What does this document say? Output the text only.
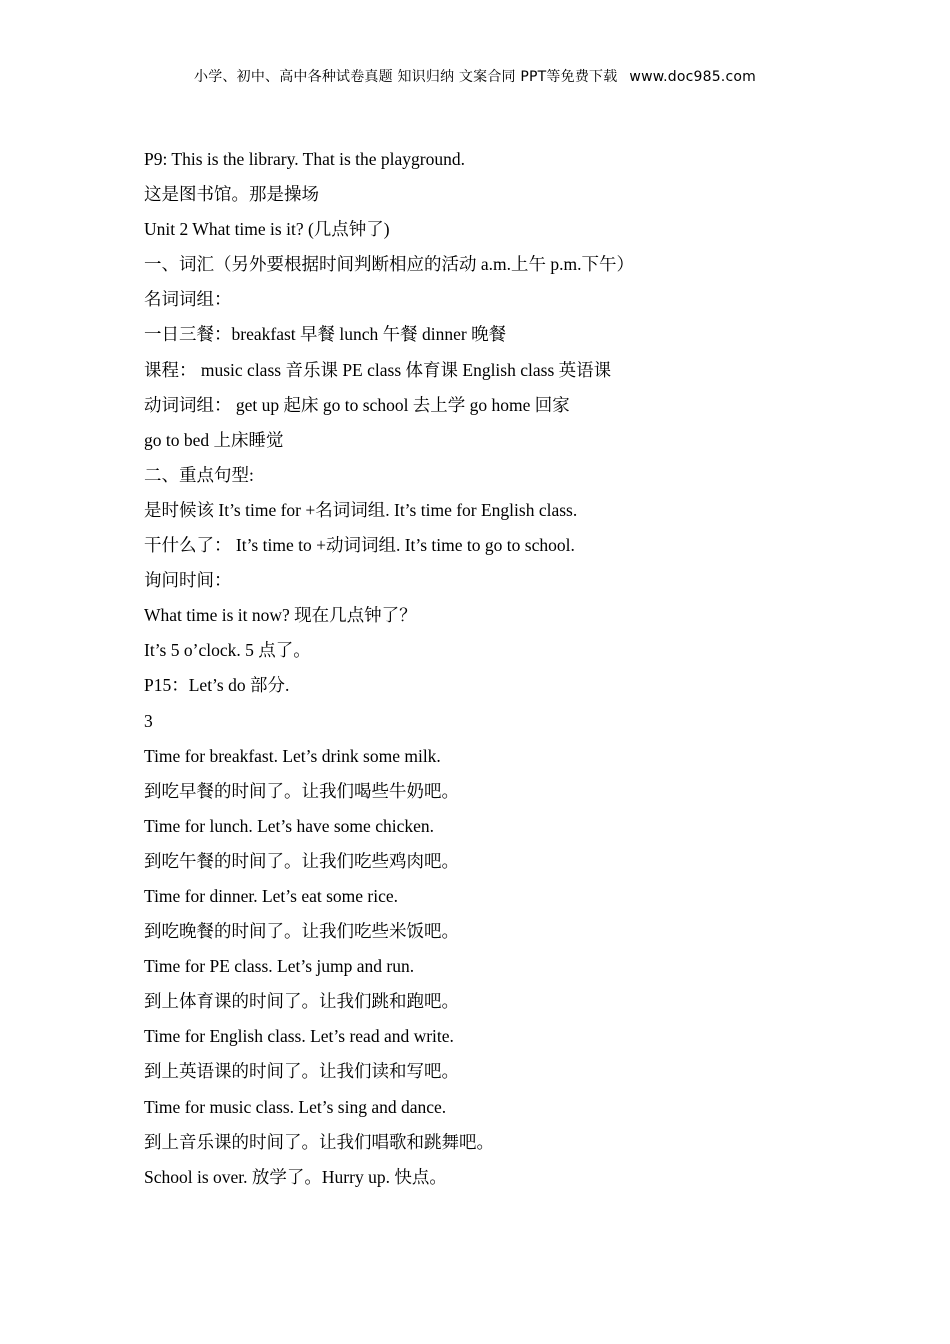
小学、初中、高中各种试卷真题 知识归纳 文案合同 PPT等免费下载 www.doc985.com
P9: This is the library. That is the playground.
这是图书馆。那是操场
Unit 2 What time is it? (几点钟了)
一、词汇（另外要根据时间判断相应的活动 a.m.上午 p.m.下午）
名词词组：
一日三餐：breakfast 早餐 lunch 午餐 dinner 晚餐
课程： music class 音乐课 PE class 体育课 English class 英语课
动词词组： get up 起床 go to school 去上学 go home 回家
go to bed 上床睡觉
二、重点句型:
是时候该 It’s time for +名词词组. It’s time for English class.
干什么了： It’s time to +动词词组. It’s time to go to school.
询问时间：
What time is it now? 现在几点钟了？
It’s 5 o’clock. 5 点了。
P15：Let’s do 部分.
3
Time for breakfast. Let’s drink some milk.
到吃早餐的时间了。让我们喝些牛奶吧。
Time for lunch. Let’s have some chicken.
到吃午餐的时间了。让我们吃些鸡肉吧。
Time for dinner. Let’s eat some rice.
到吃晚餐的时间了。让我们吃些米饭吧。
Time for PE class. Let’s jump and run.
到上体育课的时间了。让我们跳和跑吧。
Time for English class. Let’s read and write.
到上英语课的时间了。让我们读和写吧。
Time for music class. Let’s sing and dance.
到上音乐课的时间了。让我们唱歌和跳舞吧。
School is over. 放学了。Hurry up. 快点。
